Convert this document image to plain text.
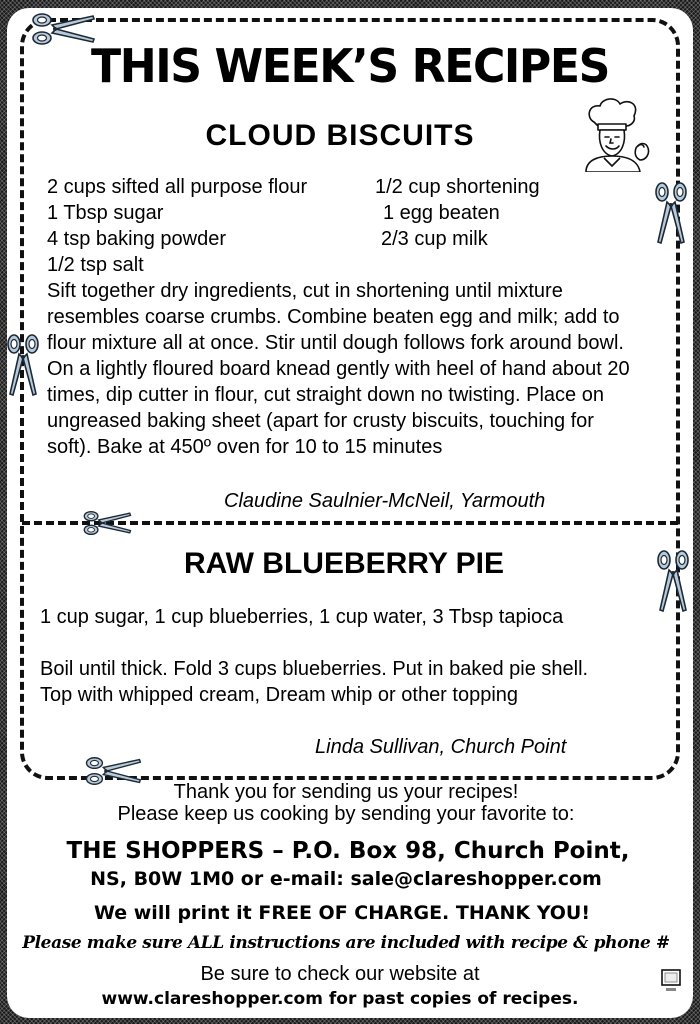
THIS WEEK’S RECIPES
CLOUD BISCUITS
2 cups sifted all purpose flour
1 Tbsp sugar
4 tsp baking powder
1/2 tsp salt
1/2 cup shortening
1 egg beaten
2/3 cup milk
Sift together dry ingredients, cut in shortening until mixture resembles coarse crumbs. Combine beaten egg and milk; add to flour mixture all at once. Stir until dough follows fork around bowl. On a lightly floured board knead gently with heel of hand about 20 times, dip cutter in flour, cut straight down no twisting. Place on ungreased baking sheet (apart for crusty biscuits, touching for soft). Bake at 450º oven for 10 to 15 minutes
Claudine Saulnier-McNeil, Yarmouth
RAW BLUEBERRY PIE
1 cup sugar, 1 cup blueberries, 1 cup water, 3 Tbsp tapioca
Boil until thick. Fold 3 cups blueberries. Put in baked pie shell. Top with whipped cream, Dream whip or other topping
Linda Sullivan, Church Point
Thank you for sending us your recipes!
Please keep us cooking by sending your favorite to:
THE SHOPPERS – P.O. Box 98, Church Point,
NS, B0W 1M0 or e-mail: sale@clareshopper.com
We will print it FREE OF CHARGE. THANK YOU!
Please make sure ALL instructions are included with recipe & phone #
Be sure to check our website at
www.clareshopper.com for past copies of recipes.
